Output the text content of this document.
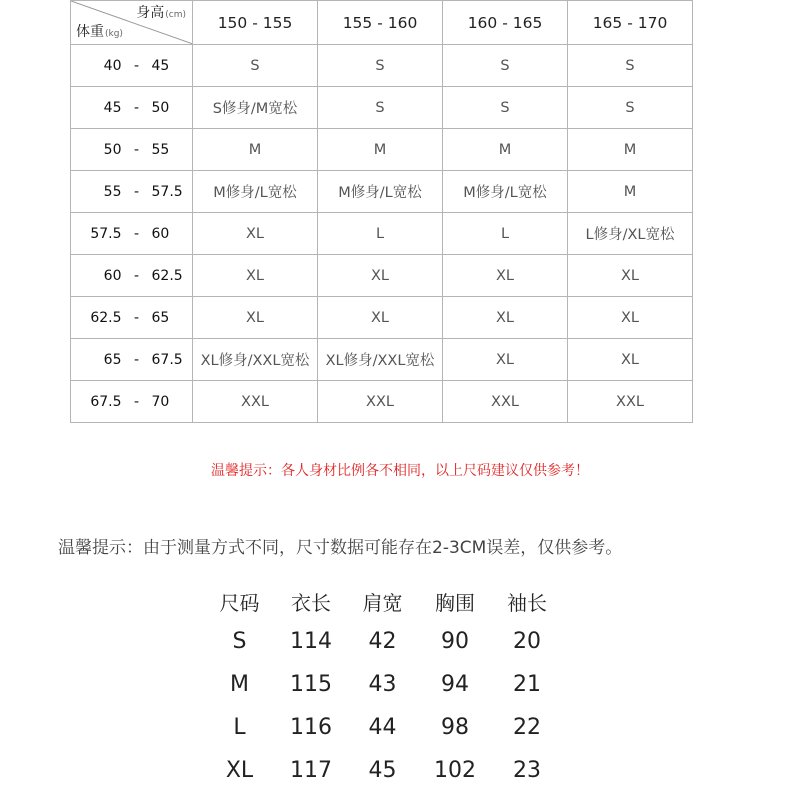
身高(cm)
体重(kg)	150 - 155	155 - 160	160 - 165	165 - 170
40 - 45	S	S	S	S
45 - 50	S修身/M宽松	S	S	S
50 - 55	M	M	M	M
55 - 57.5	M修身/L宽松	M修身/L宽松	M修身/L宽松	M
57.5 - 60	XL	L	L	L修身/XL宽松
60 - 62.5	XL	XL	XL	XL
62.5 - 65	XL	XL	XL	XL
65 - 67.5	XL修身/XXL宽松	XL修身/XXL宽松	XL	XL
67.5 - 70	XXL	XXL	XXL	XXL
温馨提示：各人身材比例各不相同，以上尺码建议仅供参考！
温馨提示：由于测量方式不同，尺寸数据可能存在2-3CM误差，仅供参考。
尺码	衣长	肩宽	胸围	袖长
S	114	42	90	20
M	115	43	94	21
L	116	44	98	22
XL	117	45	102	23
